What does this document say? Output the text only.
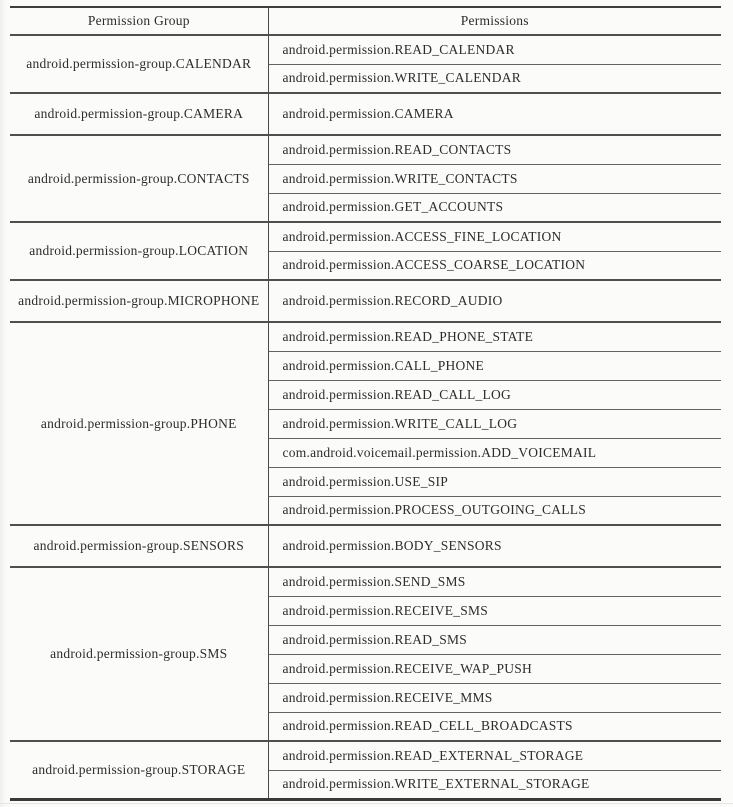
Permission Group	Permissions
android.permission-group.CALENDAR	android.permission.READ_CALENDAR
	android.permission.WRITE_CALENDAR
android.permission-group.CAMERA	android.permission.CAMERA
android.permission-group.CONTACTS	android.permission.READ_CONTACTS
	android.permission.WRITE_CONTACTS
	android.permission.GET_ACCOUNTS
android.permission-group.LOCATION	android.permission.ACCESS_FINE_LOCATION
	android.permission.ACCESS_COARSE_LOCATION
android.permission-group.MICROPHONE	android.permission.RECORD_AUDIO
android.permission-group.PHONE	android.permission.READ_PHONE_STATE
	android.permission.CALL_PHONE
	android.permission.READ_CALL_LOG
	android.permission.WRITE_CALL_LOG
	com.android.voicemail.permission.ADD_VOICEMAIL
	android.permission.USE_SIP
	android.permission.PROCESS_OUTGOING_CALLS
android.permission-group.SENSORS	android.permission.BODY_SENSORS
android.permission-group.SMS	android.permission.SEND_SMS
	android.permission.RECEIVE_SMS
	android.permission.READ_SMS
	android.permission.RECEIVE_WAP_PUSH
	android.permission.RECEIVE_MMS
	android.permission.READ_CELL_BROADCASTS
android.permission-group.STORAGE	android.permission.READ_EXTERNAL_STORAGE
	android.permission.WRITE_EXTERNAL_STORAGE
